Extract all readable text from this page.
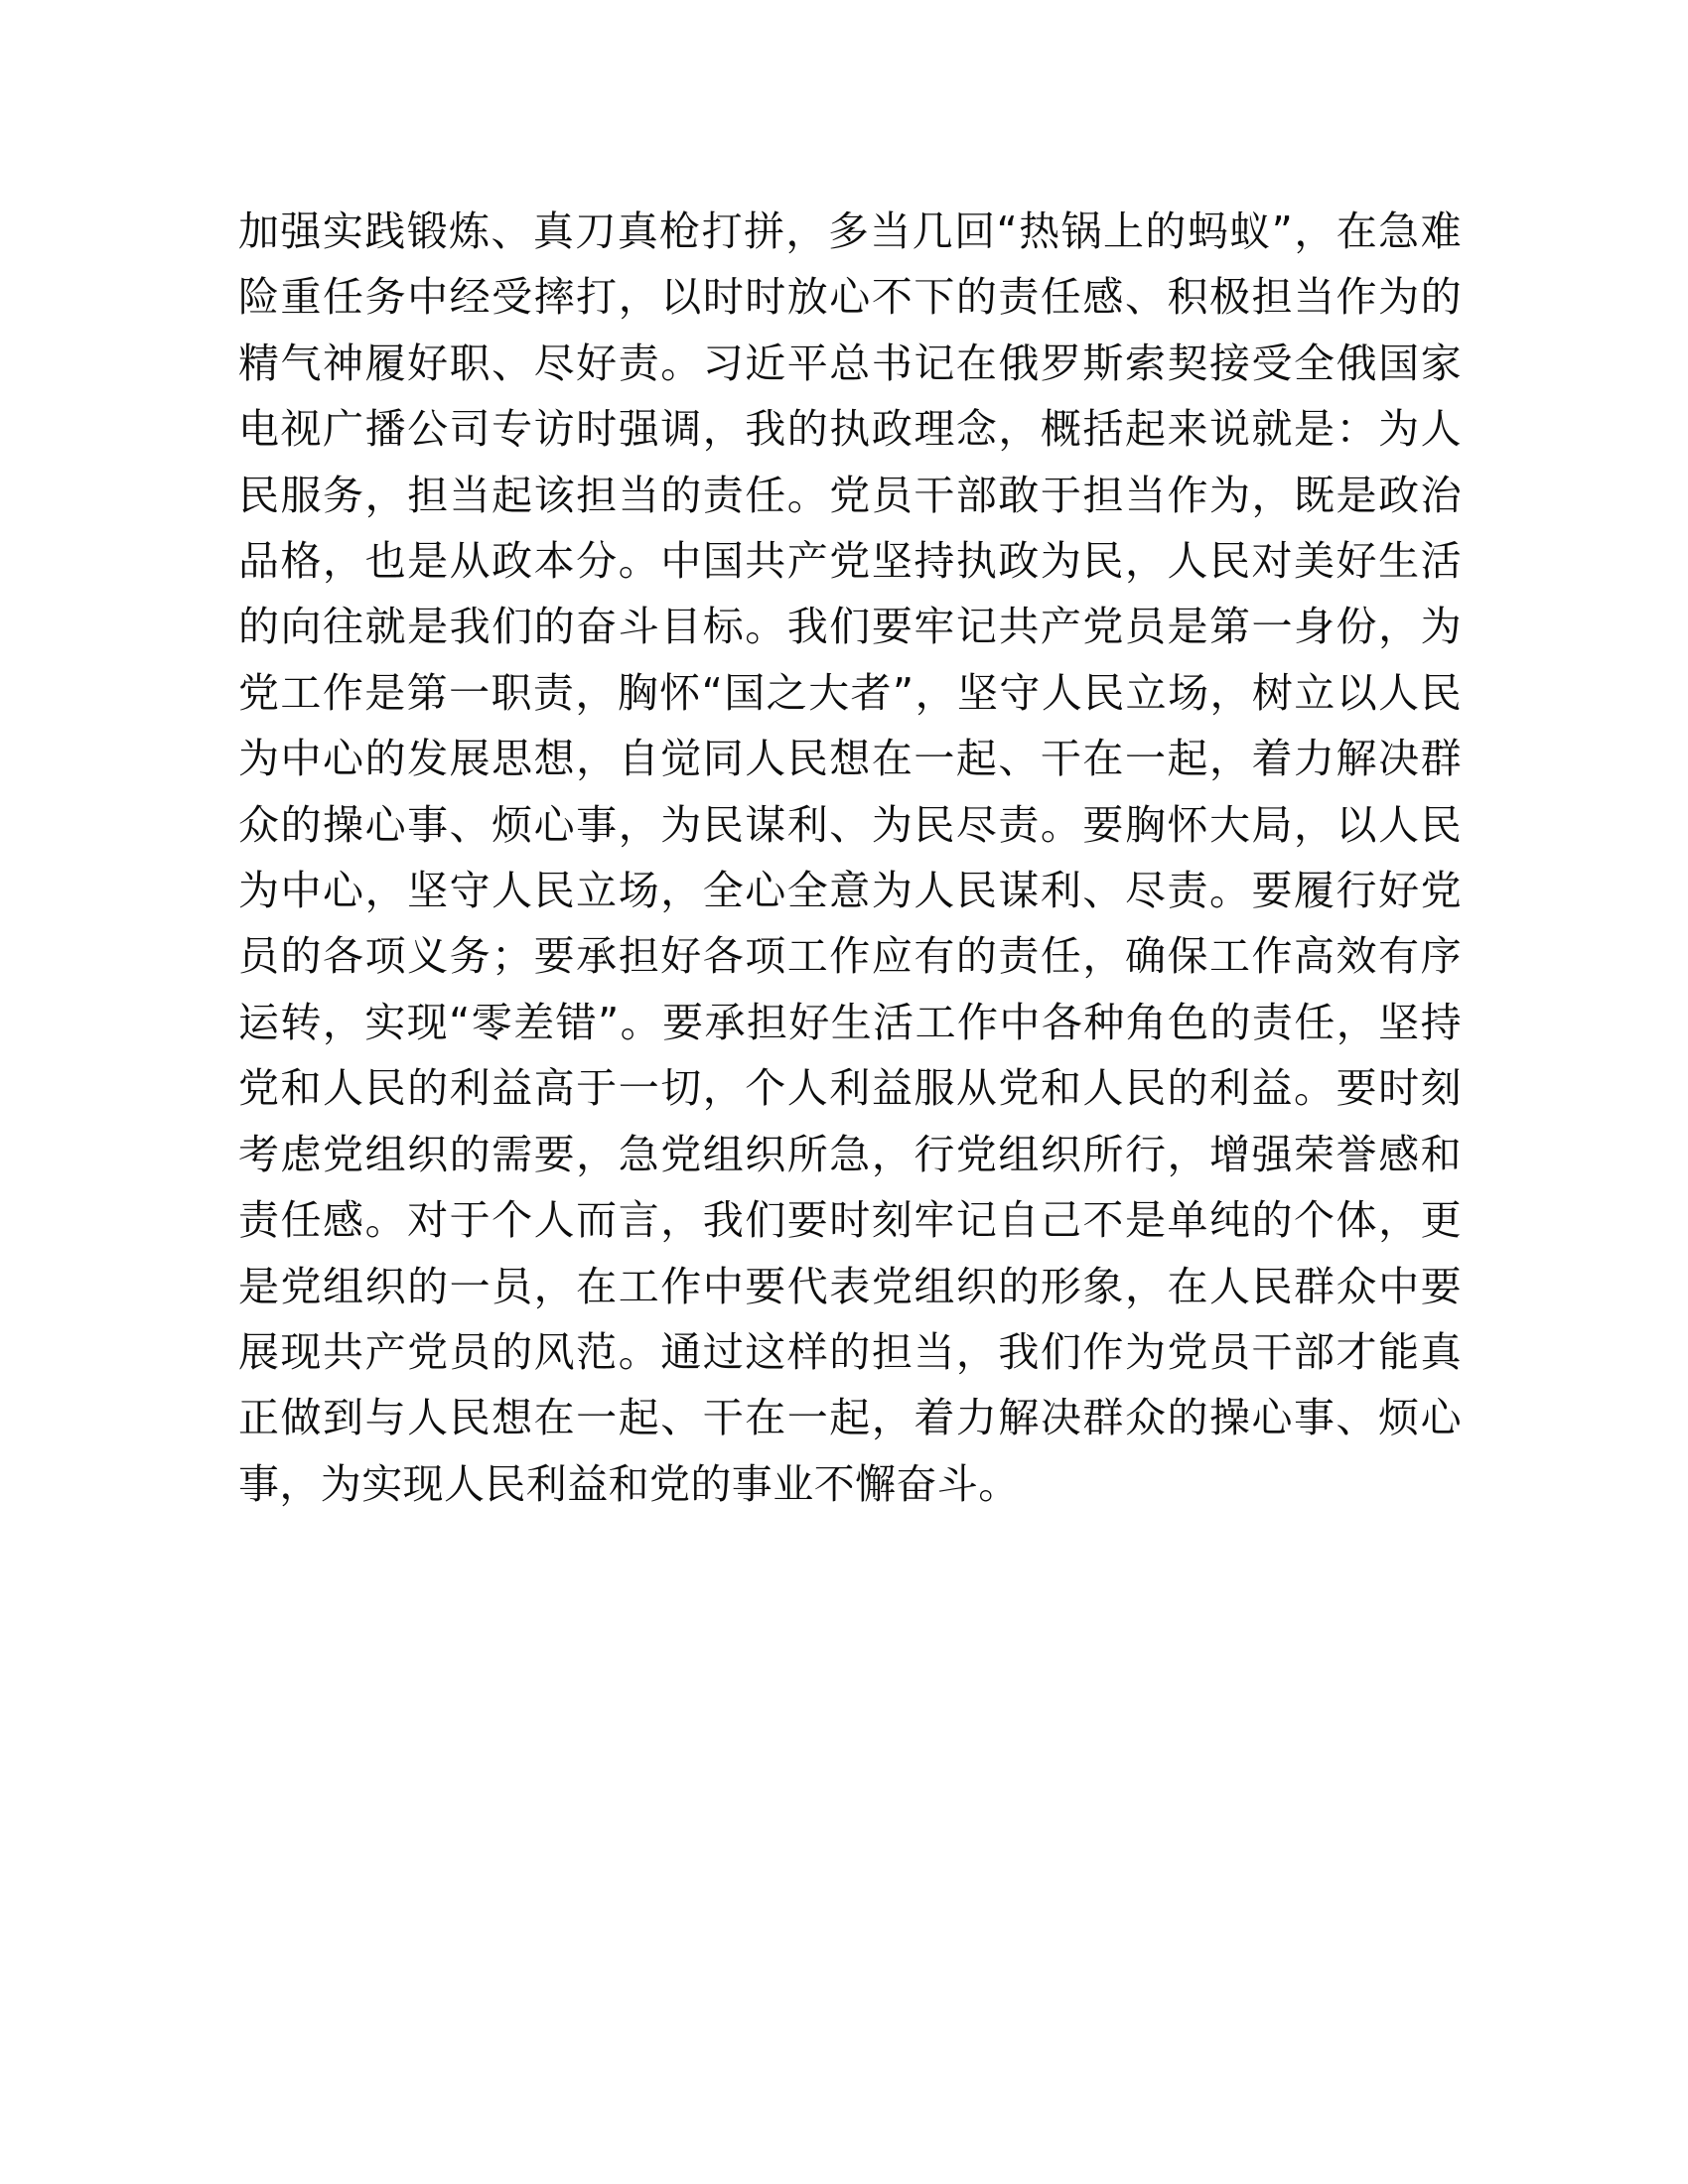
加强实践锻炼、真刀真枪打拼，多当几回“热锅上的蚂蚁”，在急难险重任务中经受摔打，以时时放心不下的责任感、积极担当作为的精气神履好职、尽好责。习近平总书记在俄罗斯索契接受全俄国家电视广播公司专访时强调，我的执政理念，概括起来说就是：为人民服务，担当起该担当的责任。党员干部敢于担当作为，既是政治品格，也是从政本分。中国共产党坚持执政为民，人民对美好生活的向往就是我们的奋斗目标。我们要牢记共产党员是第一身份，为党工作是第一职责，胸怀“国之大者”，坚守人民立场，树立以人民为中心的发展思想，自觉同人民想在一起、干在一起，着力解决群众的操心事、烦心事，为民谋利、为民尽责。要胸怀大局，以人民为中心，坚守人民立场，全心全意为人民谋利、尽责。要履行好党员的各项义务；要承担好各项工作应有的责任，确保工作高效有序运转，实现“零差错”。要承担好生活工作中各种角色的责任，坚持党和人民的利益高于一切，个人利益服从党和人民的利益。要时刻考虑党组织的需要，急党组织所急，行党组织所行，增强荣誉感和责任感。对于个人而言，我们要时刻牢记自己不是单纯的个体，更是党组织的一员，在工作中要代表党组织的形象，在人民群众中要展现共产党员的风范。通过这样的担当，我们作为党员干部才能真正做到与人民想在一起、干在一起，着力解决群众的操心事、烦心事，为实现人民利益和党的事业不懈奋斗。
